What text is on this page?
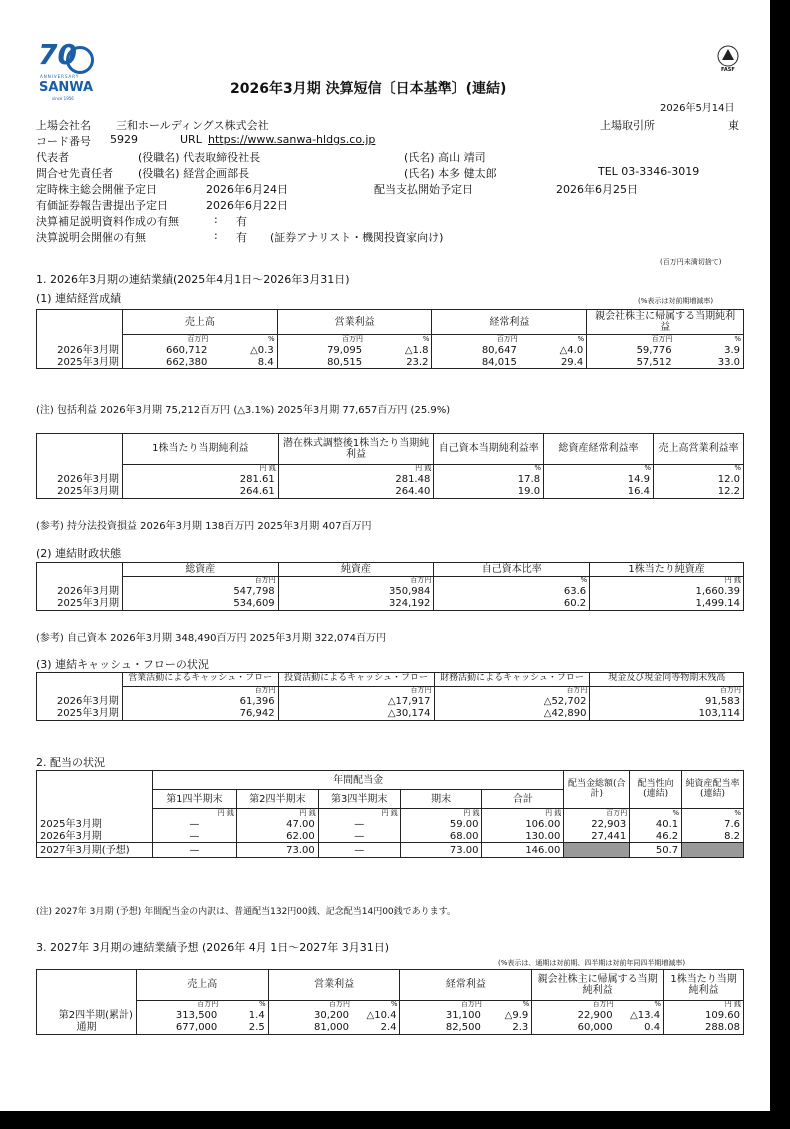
70
ANNIVERSARY
SANWA
since 1956
2026年3月期 決算短信〔日本基準〕(連結)
FASF
2026年5月14日
上場会社名 三和ホールディングス株式会社	上場取引所	東
コード番号 5929	URL https://www.sanwa-hldgs.co.jp
代表者	(役職名) 代表取締役社長	(氏名) 高山 靖司
問合せ先責任者 (役職名) 経営企画部長	(氏名) 本多 健太郎	TEL 03-3346-3019
定時株主総会開催予定日	2026年6月24日	配当支払開始予定日	2026年6月25日
有価証券報告書提出予定日	2026年6月22日
決算補足説明資料作成の有無	: 有
決算説明会開催の有無	: 有 (証券アナリスト・機関投資家向け)
(百万円未満切捨て)
1. 2026年3月期の連結業績(2025年4月1日～2026年3月31日)
(1) 連結経営成績	(%表示は対前期増減率)
	売上高		営業利益		経常利益		親会社株主に帰属する当期純利益	
	百万円	%	百万円	%	百万円	%	百万円	%
2026年3月期	660,712	△0.3	79,095	△1.8	80,647	△4.0	59,776	3.9
2025年3月期	662,380	8.4	80,515	23.2	84,015	29.4	57,512	33.0
(注) 包括利益 2026年3月期 75,212百万円 (△3.1%) 2025年3月期 77,657百万円 (25.9%)
	1株当たり当期純利益	潜在株式調整後1株当たり当期純利益	自己資本当期純利益率	総資産経常利益率	売上高営業利益率
	円 銭	円 銭	%	%	%
2026年3月期	281.61	281.48	17.8	14.9	12.0
2025年3月期	264.61	264.40	19.0	16.4	12.2
(参考) 持分法投資損益 2026年3月期 138百万円 2025年3月期 407百万円
(2) 連結財政状態
	総資産	純資産	自己資本比率	1株当たり純資産
	百万円	百万円	%	円 銭
2026年3月期	547,798	350,984	63.6	1,660.39
2025年3月期	534,609	324,192	60.2	1,499.14
(参考) 自己資本 2026年3月期 348,490百万円 2025年3月期 322,074百万円
(3) 連結キャッシュ・フローの状況
	営業活動によるキャッシュ・フロー	投資活動によるキャッシュ・フロー	財務活動によるキャッシュ・フロー	現金及び現金同等物期末残高
	百万円	百万円	百万円	百万円
2026年3月期	61,396	△17,917	△52,702	91,583
2025年3月期	76,942	△30,174	△42,890	103,114
2. 配当の状況
	年間配当金					配当金総額(合計)	配当性向(連結)	純資産配当率(連結)
	第1四半期末	第2四半期末	第3四半期末	期末	合計			
	円 銭	円 銭	円 銭	円 銭	円 銭	百万円	%	%
2025年3月期	—	47.00	—	59.00	106.00	22,903	40.1	7.6
2026年3月期	—	62.00	—	68.00	130.00	27,441	46.2	8.2
2027年3月期(予想)	—	73.00	—	73.00	146.00		50.7	
(注) 2027年 3月期 (予想) 年間配当金の内訳は、普通配当132円00銭、記念配当14円00銭であります。
3. 2027年 3月期の連結業績予想 (2026年 4月 1日～2027年 3月31日)
(%表示は、通期は対前期、四半期は対前年同四半期増減率)
	売上高		営業利益		経常利益		親会社株主に帰属する当期純利益		1株当たり当期純利益
	百万円	%	百万円	%	百万円	%	百万円	%	円 銭
第2四半期(累計)	313,500	1.4	30,200	△10.4	31,100	△9.9	22,900	△13.4	109.60
通期	677,000	2.5	81,000	2.4	82,500	2.3	60,000	0.4	288.08
